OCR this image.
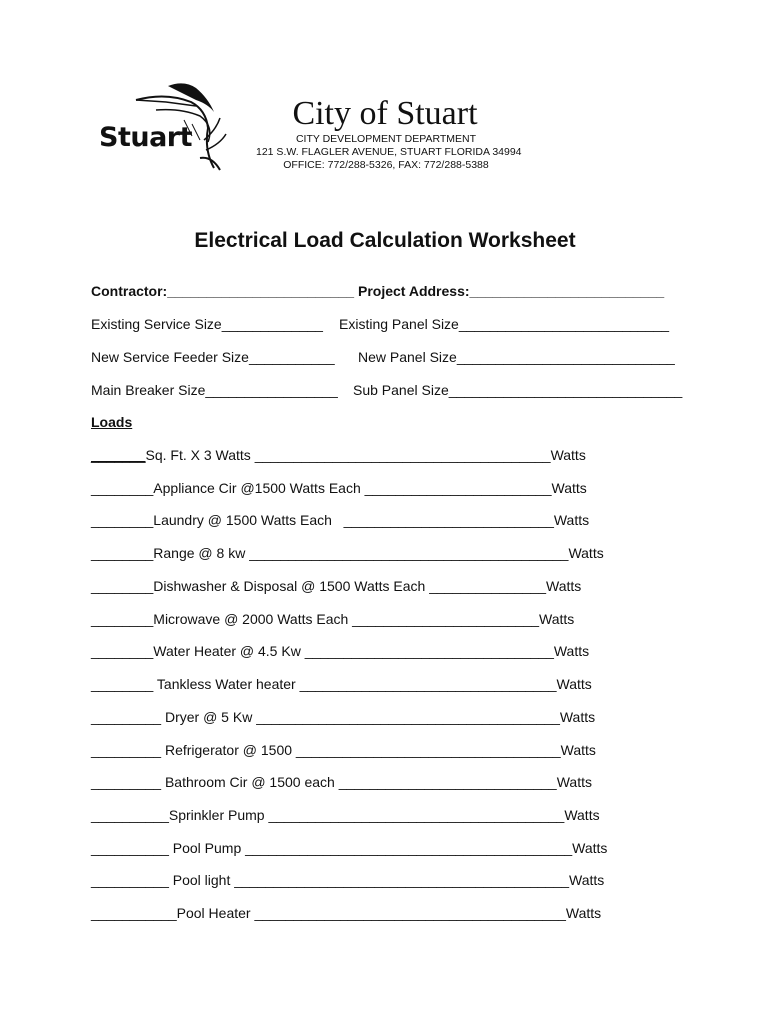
Stuart
City of Stuart
CITY DEVELOPMENT DEPARTMENT
121 S.W. FLAGLER AVENUE, STUART FLORIDA 34994
OFFICE: 772/288-5326, FAX: 772/288-5388
Electrical Load Calculation Worksheet
Contractor:________________________ Project Address:_________________________
Existing Service Size_____________ Existing Panel Size___________________________
New Service Feeder Size___________ New Panel Size____________________________
Main Breaker Size_________________ Sub Panel Size______________________________
Loads
_______Sq. Ft. X 3 Watts ______________________________________Watts
________Appliance Cir @1500 Watts Each ________________________Watts
________Laundry @ 1500 Watts Each   ___________________________Watts
________Range @ 8 kw _________________________________________Watts
________Dishwasher & Disposal @ 1500 Watts Each _______________Watts
________Microwave @ 2000 Watts Each ________________________Watts
________Water Heater @ 4.5 Kw ________________________________Watts
________ Tankless Water heater _________________________________Watts
_________ Dryer @ 5 Kw _______________________________________Watts
_________ Refrigerator @ 1500 __________________________________Watts
_________ Bathroom Cir @ 1500 each ____________________________Watts
__________Sprinkler Pump ______________________________________Watts
__________ Pool Pump __________________________________________Watts
__________ Pool light ___________________________________________Watts
___________Pool Heater ________________________________________Watts
